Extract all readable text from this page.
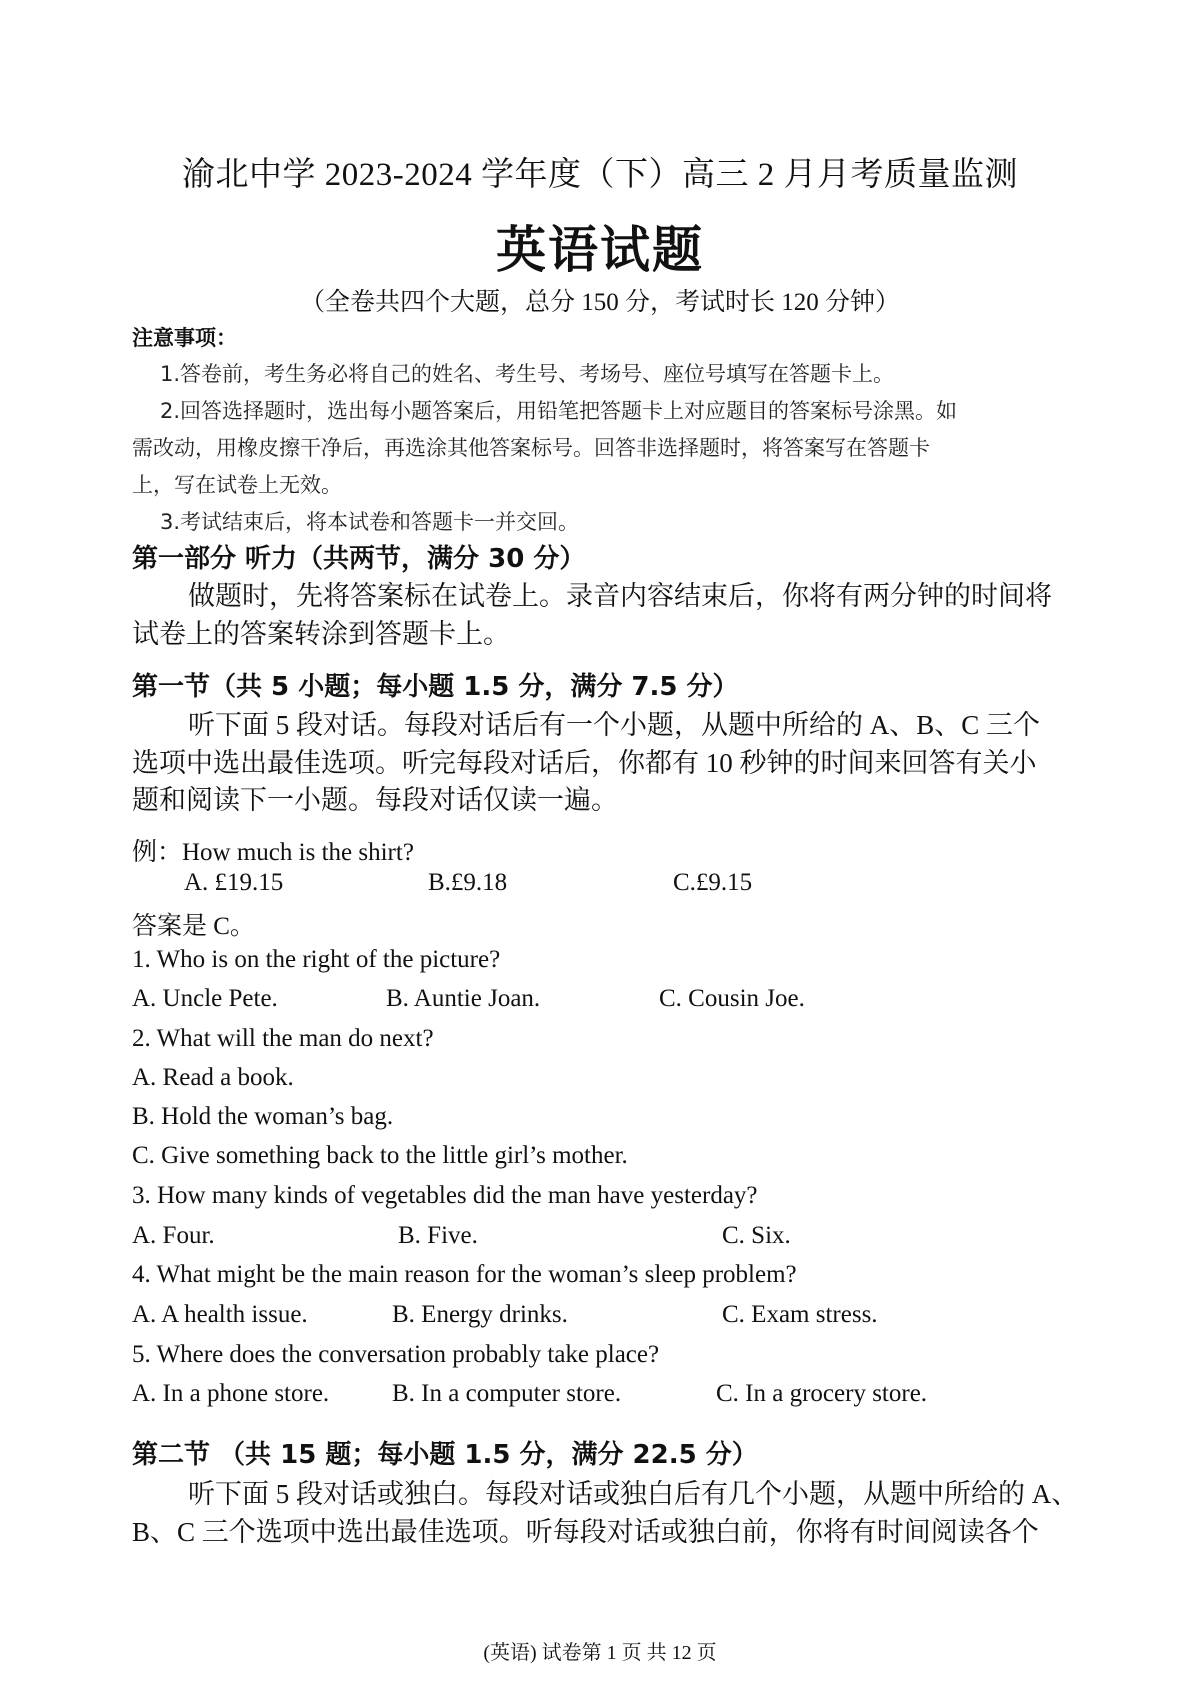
渝北中学 2023-2024 学年度（下）高三 2 月月考质量监测
英语试题
（全卷共四个大题，总分 150 分，考试时长 120 分钟）
注意事项：
1.答卷前，考生务必将自己的姓名、考生号、考场号、座位号填写在答题卡上。
2.回答选择题时，选出每小题答案后，用铅笔把答题卡上对应题目的答案标号涂黑。如
需改动，用橡皮擦干净后，再选涂其他答案标号。回答非选择题时，将答案写在答题卡
上，写在试卷上无效。
3.考试结束后，将本试卷和答题卡一并交回。
第一部分 听力（共两节，满分 30 分）
做题时，先将答案标在试卷上。录音内容结束后，你将有两分钟的时间将
试卷上的答案转涂到答题卡上。
第一节（共 5 小题；每小题 1.5 分，满分 7.5 分）
听下面 5 段对话。每段对话后有一个小题，从题中所给的 A、B、C 三个
选项中选出最佳选项。听完每段对话后，你都有 10 秒钟的时间来回答有关小
题和阅读下一小题。每段对话仅读一遍。
例：How much is the shirt?
A. £19.15	B.£9.18	C.£9.15
答案是 C。
1. Who is on the right of the picture?
A. Uncle Pete.	B. Auntie Joan.	C. Cousin Joe.
2. What will the man do next?
A. Read a book.
B. Hold the woman’s bag.
C. Give something back to the little girl’s mother.
3. How many kinds of vegetables did the man have yesterday?
A. Four.	B. Five.	C. Six.
4. What might be the main reason for the woman’s sleep problem?
A. A health issue.	B. Energy drinks.	C. Exam stress.
5. Where does the conversation probably take place?
A. In a phone store.	B. In a computer store.	C. In a grocery store.
第二节 （共 15 题；每小题 1.5 分，满分 22.5 分）
听下面 5 段对话或独白。每段对话或独白后有几个小题，从题中所给的 A、
B、C 三个选项中选出最佳选项。听每段对话或独白前，你将有时间阅读各个
(英语) 试卷第 1 页 共 12 页
